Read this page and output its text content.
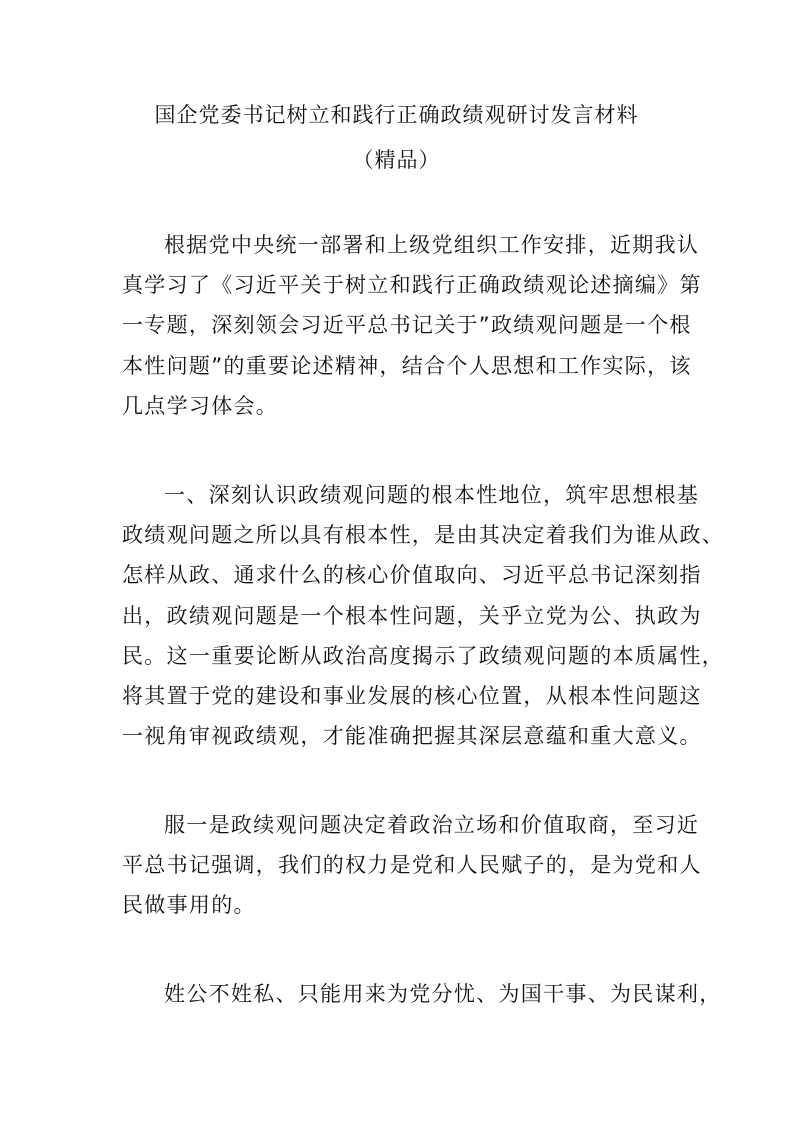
国企党委书记树立和践行正确政绩观研讨发言材料
（精品）
根据党中央统一部署和上级党组织工作安排，近期我认
真学习了《习近平关于树立和践行正确政绩观论述摘编》第
一专题，深刻领会习近平总书记关于”政绩观问题是一个根
本性问题”的重要论述精神，结合个人思想和工作实际，该
几点学习体会。
一、深刻认识政绩观问题的根本性地位，筑牢思想根基
政绩观问题之所以具有根本性，是由其决定着我们为谁从政、
怎样从政、通求什么的核心价值取向、习近平总书记深刻指
出，政绩观问题是一个根本性问题，关乎立党为公、执政为
民。这一重要论断从政治高度揭示了政绩观问题的本质属性，
将其置于党的建设和事业发展的核心位置，从根本性问题这
一视角审视政绩观，才能准确把握其深层意蕴和重大意义。
服一是政续观问题决定着政治立场和价值取商，至习近
平总书记强调，我们的权力是党和人民赋子的，是为党和人
民做事用的。
姓公不姓私、只能用来为党分忧、为国干事、为民谋利，
